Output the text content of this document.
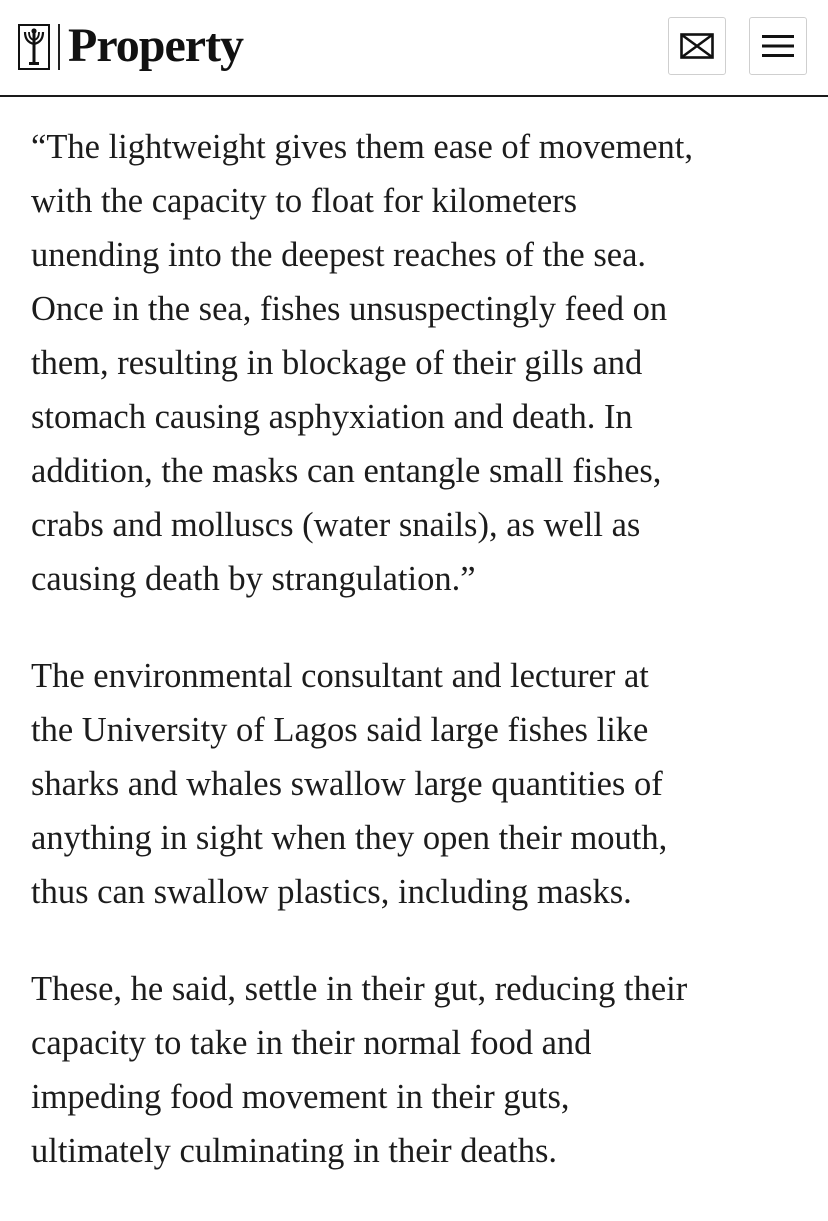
Property

“The lightweight gives them ease of movement,
with the capacity to float for kilometers
unending into the deepest reaches of the sea.
Once in the sea, fishes unsuspectingly feed on
them, resulting in blockage of their gills and
stomach causing asphyxiation and death. In
addition, the masks can entangle small fishes,
crabs and molluscs (water snails), as well as
causing death by strangulation.”

The environmental consultant and lecturer at
the University of Lagos said large fishes like
sharks and whales swallow large quantities of
anything in sight when they open their mouth,
thus can swallow plastics, including masks.

These, he said, settle in their gut, reducing their
capacity to take in their normal food and
impeding food movement in their guts,
ultimately culminating in their deaths.
